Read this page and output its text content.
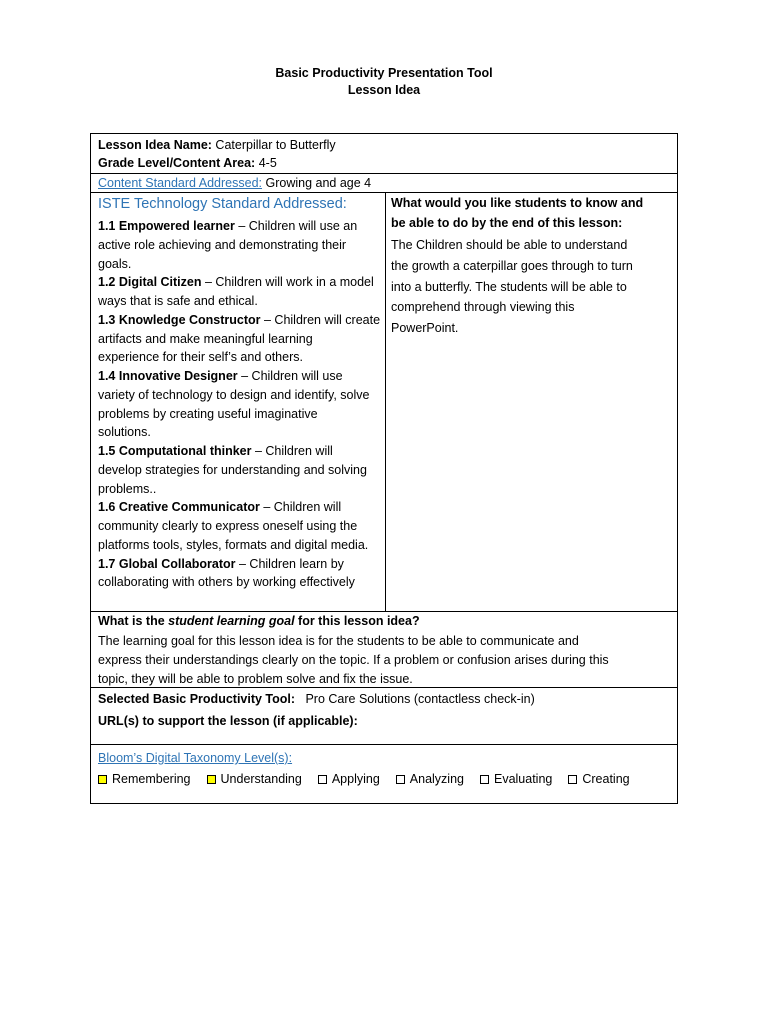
Basic Productivity Presentation Tool
Lesson Idea
Lesson Idea Name: Caterpillar to Butterfly
Grade Level/Content Area: 4-5
Content Standard Addressed: Growing and age 4
ISTE Technology Standard Addressed:
1.1 Empowered learner – Children will use an
active role achieving and demonstrating their
goals.
1.2 Digital Citizen – Children will work in a model
ways that is safe and ethical.
1.3 Knowledge Constructor – Children will create
artifacts and make meaningful learning
experience for their self’s and others.
1.4 Innovative Designer – Children will use
variety of technology to design and identify, solve
problems by creating useful imaginative
solutions.
1.5 Computational thinker – Children will
develop strategies for understanding and solving
problems..
1.6 Creative Communicator – Children will
community clearly to express oneself using the
platforms tools, styles, formats and digital media.
1.7 Global Collaborator – Children learn by
collaborating with others by working effectively
What would you like students to know and
be able to do by the end of this lesson:
The Children should be able to understand
the growth a caterpillar goes through to turn
into a butterfly. The students will be able to
comprehend through viewing this
PowerPoint.
What is the student learning goal for this lesson idea?
The learning goal for this lesson idea is for the students to be able to communicate and
express their understandings clearly on the topic. If a problem or confusion arises during this
topic, they will be able to problem solve and fix the issue.
Selected Basic Productivity Tool: Pro Care Solutions (contactless check-in)
URL(s) to support the lesson (if applicable):
Bloom’s Digital Taxonomy Level(s):
Remembering Understanding Applying Analyzing Evaluating Creating
